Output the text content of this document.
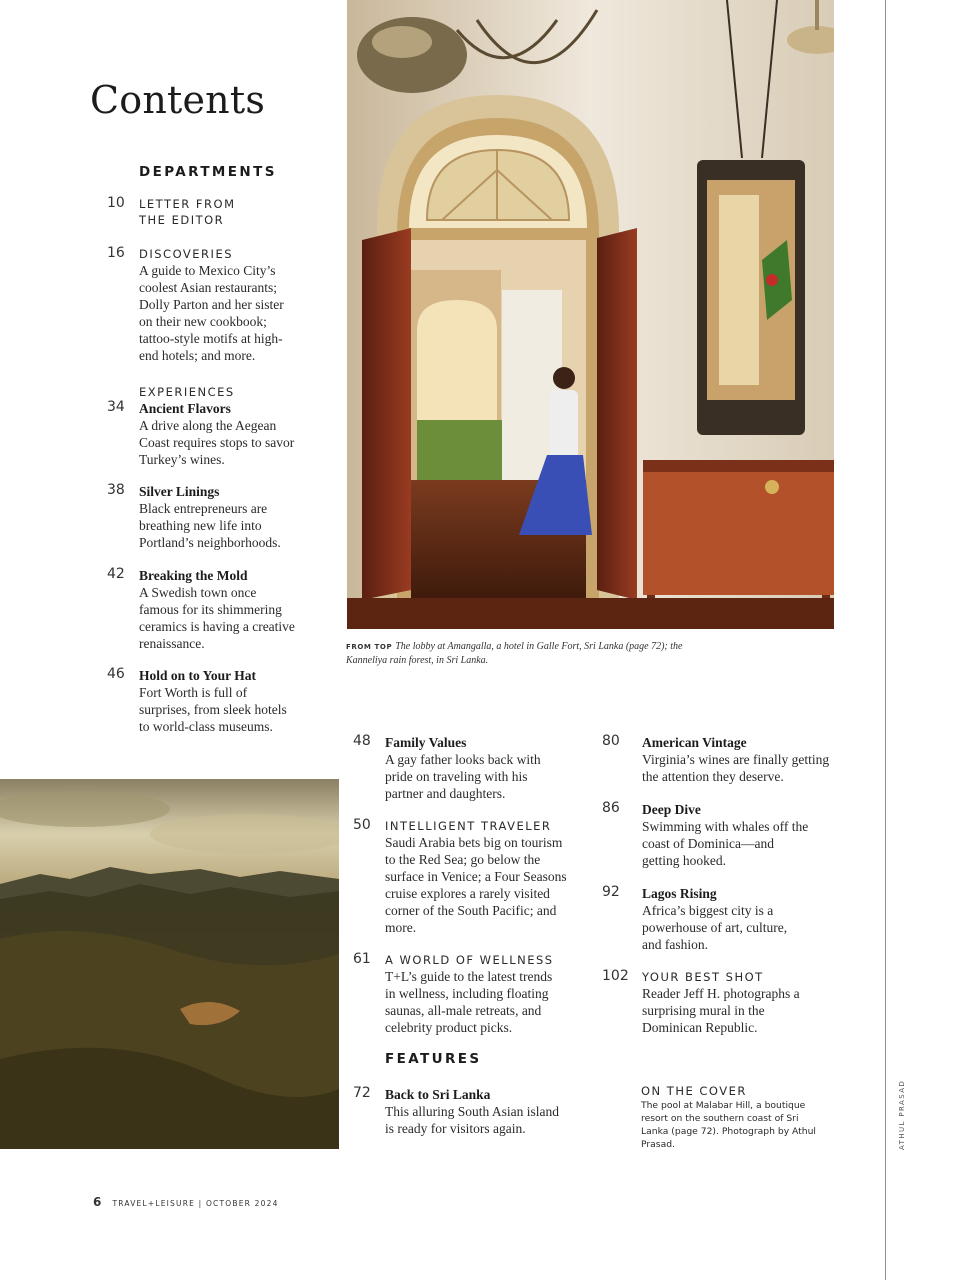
Contents
DEPARTMENTS
10	LETTER FROM
THE EDITOR
16	DISCOVERIES
A guide to Mexico City’s coolest Asian restaurants; Dolly Parton and her sister on their new cookbook; tattoo-style motifs at high-end hotels; and more.
EXPERIENCES
34	Ancient Flavors
A drive along the Aegean Coast requires stops to savor Turkey’s wines.
38	Silver Linings
Black entrepreneurs are breathing new life into Portland’s neighborhoods.
42	Breaking the Mold
A Swedish town once famous for its shimmering ceramics is having a creative renaissance.
46	Hold on to Your Hat
Fort Worth is full of surprises, from sleek hotels to world-class museums.

FROM TOP The lobby at Amangalla, a hotel in Galle Fort, Sri Lanka (page 72); the Kanneliya rain forest, in Sri Lanka.

48	Family Values
A gay father looks back with pride on traveling with his partner and daughters.
50	INTELLIGENT TRAVELER
Saudi Arabia bets big on tourism to the Red Sea; go below the surface in Venice; a Four Seasons cruise explores a rarely visited corner of the South Pacific; and more.
61	A WORLD OF WELLNESS
T+L’s guide to the latest trends in wellness, including floating saunas, all-male retreats, and celebrity product picks.
FEATURES
72	Back to Sri Lanka
This alluring South Asian island is ready for visitors again.
80	American Vintage
Virginia’s wines are finally getting the attention they deserve.
86	Deep Dive
Swimming with whales off the coast of Dominica—and getting hooked.
92	Lagos Rising
Africa’s biggest city is a powerhouse of art, culture, and fashion.
102	YOUR BEST SHOT
Reader Jeff H. photographs a surprising mural in the Dominican Republic.
ON THE COVER
The pool at Malabar Hill, a boutique resort on the southern coast of Sri Lanka (page 72). Photograph by Athul Prasad.
6 TRAVEL+LEISURE | OCTOBER 2024
ATHUL PRASAD
